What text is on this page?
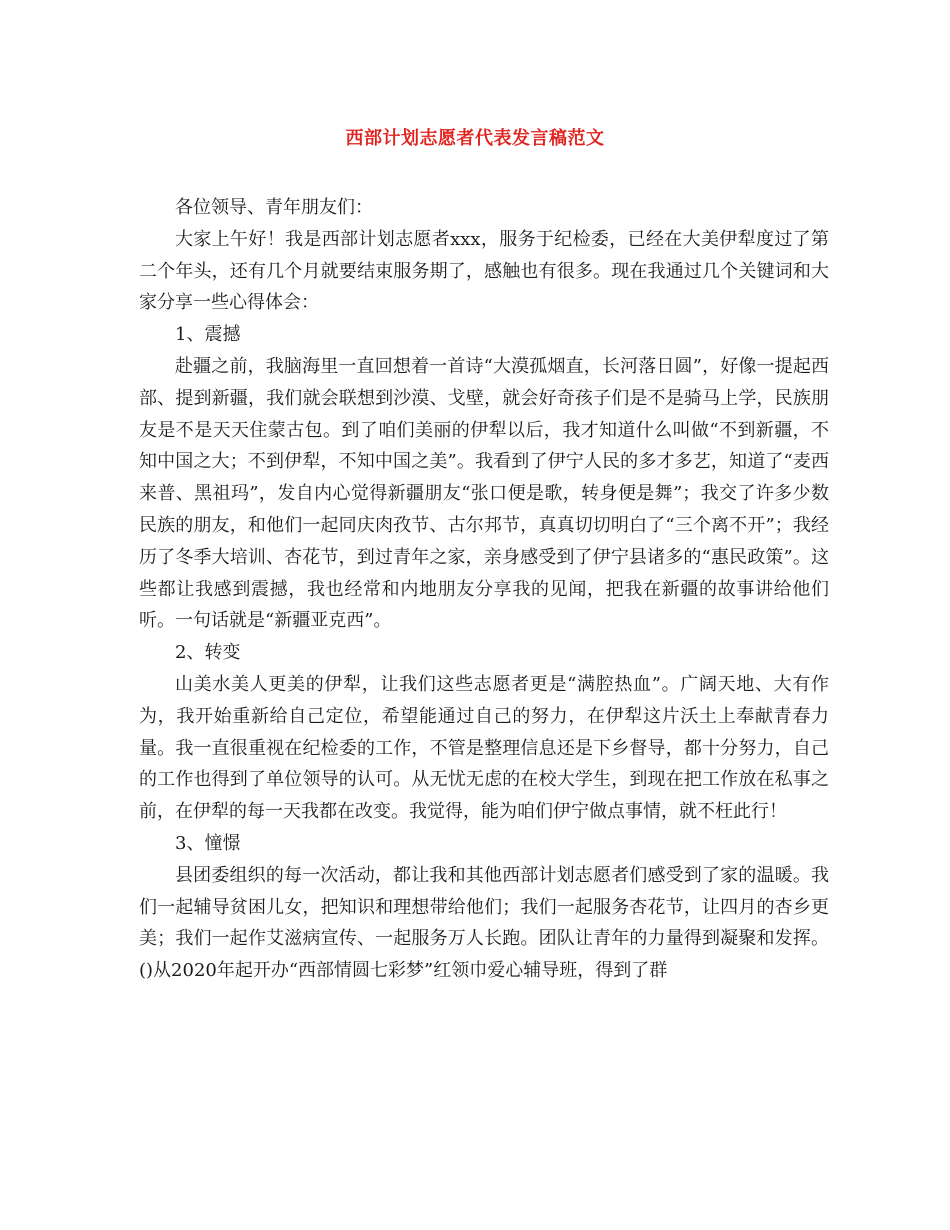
西部计划志愿者代表发言稿范文

各位领导、青年朋友们：

大家上午好！我是西部计划志愿者xxx，服务于纪检委，已经在大美伊犁度过了第二个年头，还有几个月就要结束服务期了，感触也有很多。现在我通过几个关键词和大家分享一些心得体会：

1、震撼

赴疆之前，我脑海里一直回想着一首诗“大漠孤烟直，长河落日圆”，好像一提起西部、提到新疆，我们就会联想到沙漠、戈壁，就会好奇孩子们是不是骑马上学，民族朋友是不是天天住蒙古包。到了咱们美丽的伊犁以后，我才知道什么叫做“不到新疆，不知中国之大；不到伊犁，不知中国之美”。我看到了伊宁人民的多才多艺，知道了“麦西来普、黑祖玛”，发自内心觉得新疆朋友“张口便是歌，转身便是舞”；我交了许多少数民族的朋友，和他们一起同庆肉孜节、古尔邦节，真真切切明白了“三个离不开”；我经历了冬季大培训、杏花节，到过青年之家，亲身感受到了伊宁县诸多的“惠民政策”。这些都让我感到震撼，我也经常和内地朋友分享我的见闻，把我在新疆的故事讲给他们听。一句话就是“新疆亚克西”。

2、转变

山美水美人更美的伊犁，让我们这些志愿者更是“满腔热血”。广阔天地、大有作为，我开始重新给自己定位，希望能通过自己的努力，在伊犁这片沃土上奉献青春力量。我一直很重视在纪检委的工作，不管是整理信息还是下乡督导，都十分努力，自己的工作也得到了单位领导的认可。从无忧无虑的在校大学生，到现在把工作放在私事之前，在伊犁的每一天我都在改变。我觉得，能为咱们伊宁做点事情，就不枉此行！

3、憧憬

县团委组织的每一次活动，都让我和其他西部计划志愿者们感受到了家的温暖。我们一起辅导贫困儿女，把知识和理想带给他们；我们一起服务杏花节，让四月的杏乡更美；我们一起作艾滋病宣传、一起服务万人长跑。团队让青年的力量得到凝聚和发挥。()从2020年起开办“西部情圆七彩梦”红领巾爱心辅导班，得到了群
